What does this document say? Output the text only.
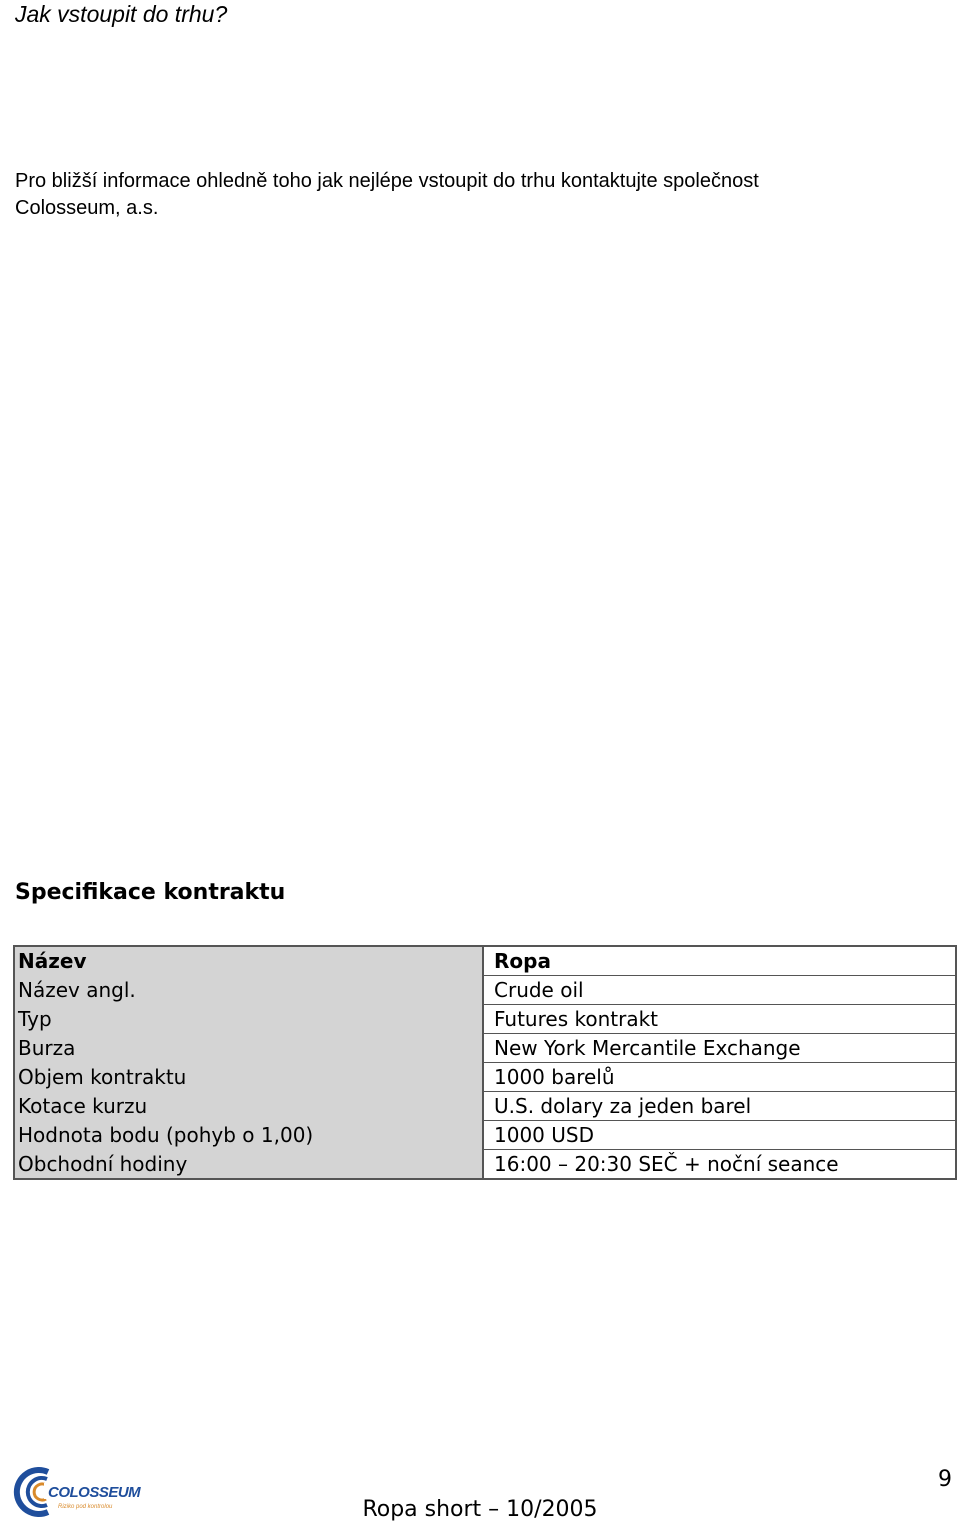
Jak vstoupit do trhu?

Pro bližší informace ohledně toho jak nejlépe vstoupit do trhu kontaktujte společnost
Colosseum, a.s.

Specifikace kontraktu
Název	Ropa
Název angl.	Crude oil
Typ	Futures kontrakt
Burza	New York Mercantile Exchange
Objem kontraktu	1000 barelů
Kotace kurzu	U.S. dolary za jeden barel
Hodnota bodu (pohyb o 1,00)	1000 USD
Obchodní hodiny	16:00 – 20:30 SEČ + noční seance
COLOSSEUM
Riziko pod kontrolou	Ropa short – 10/2005
9
